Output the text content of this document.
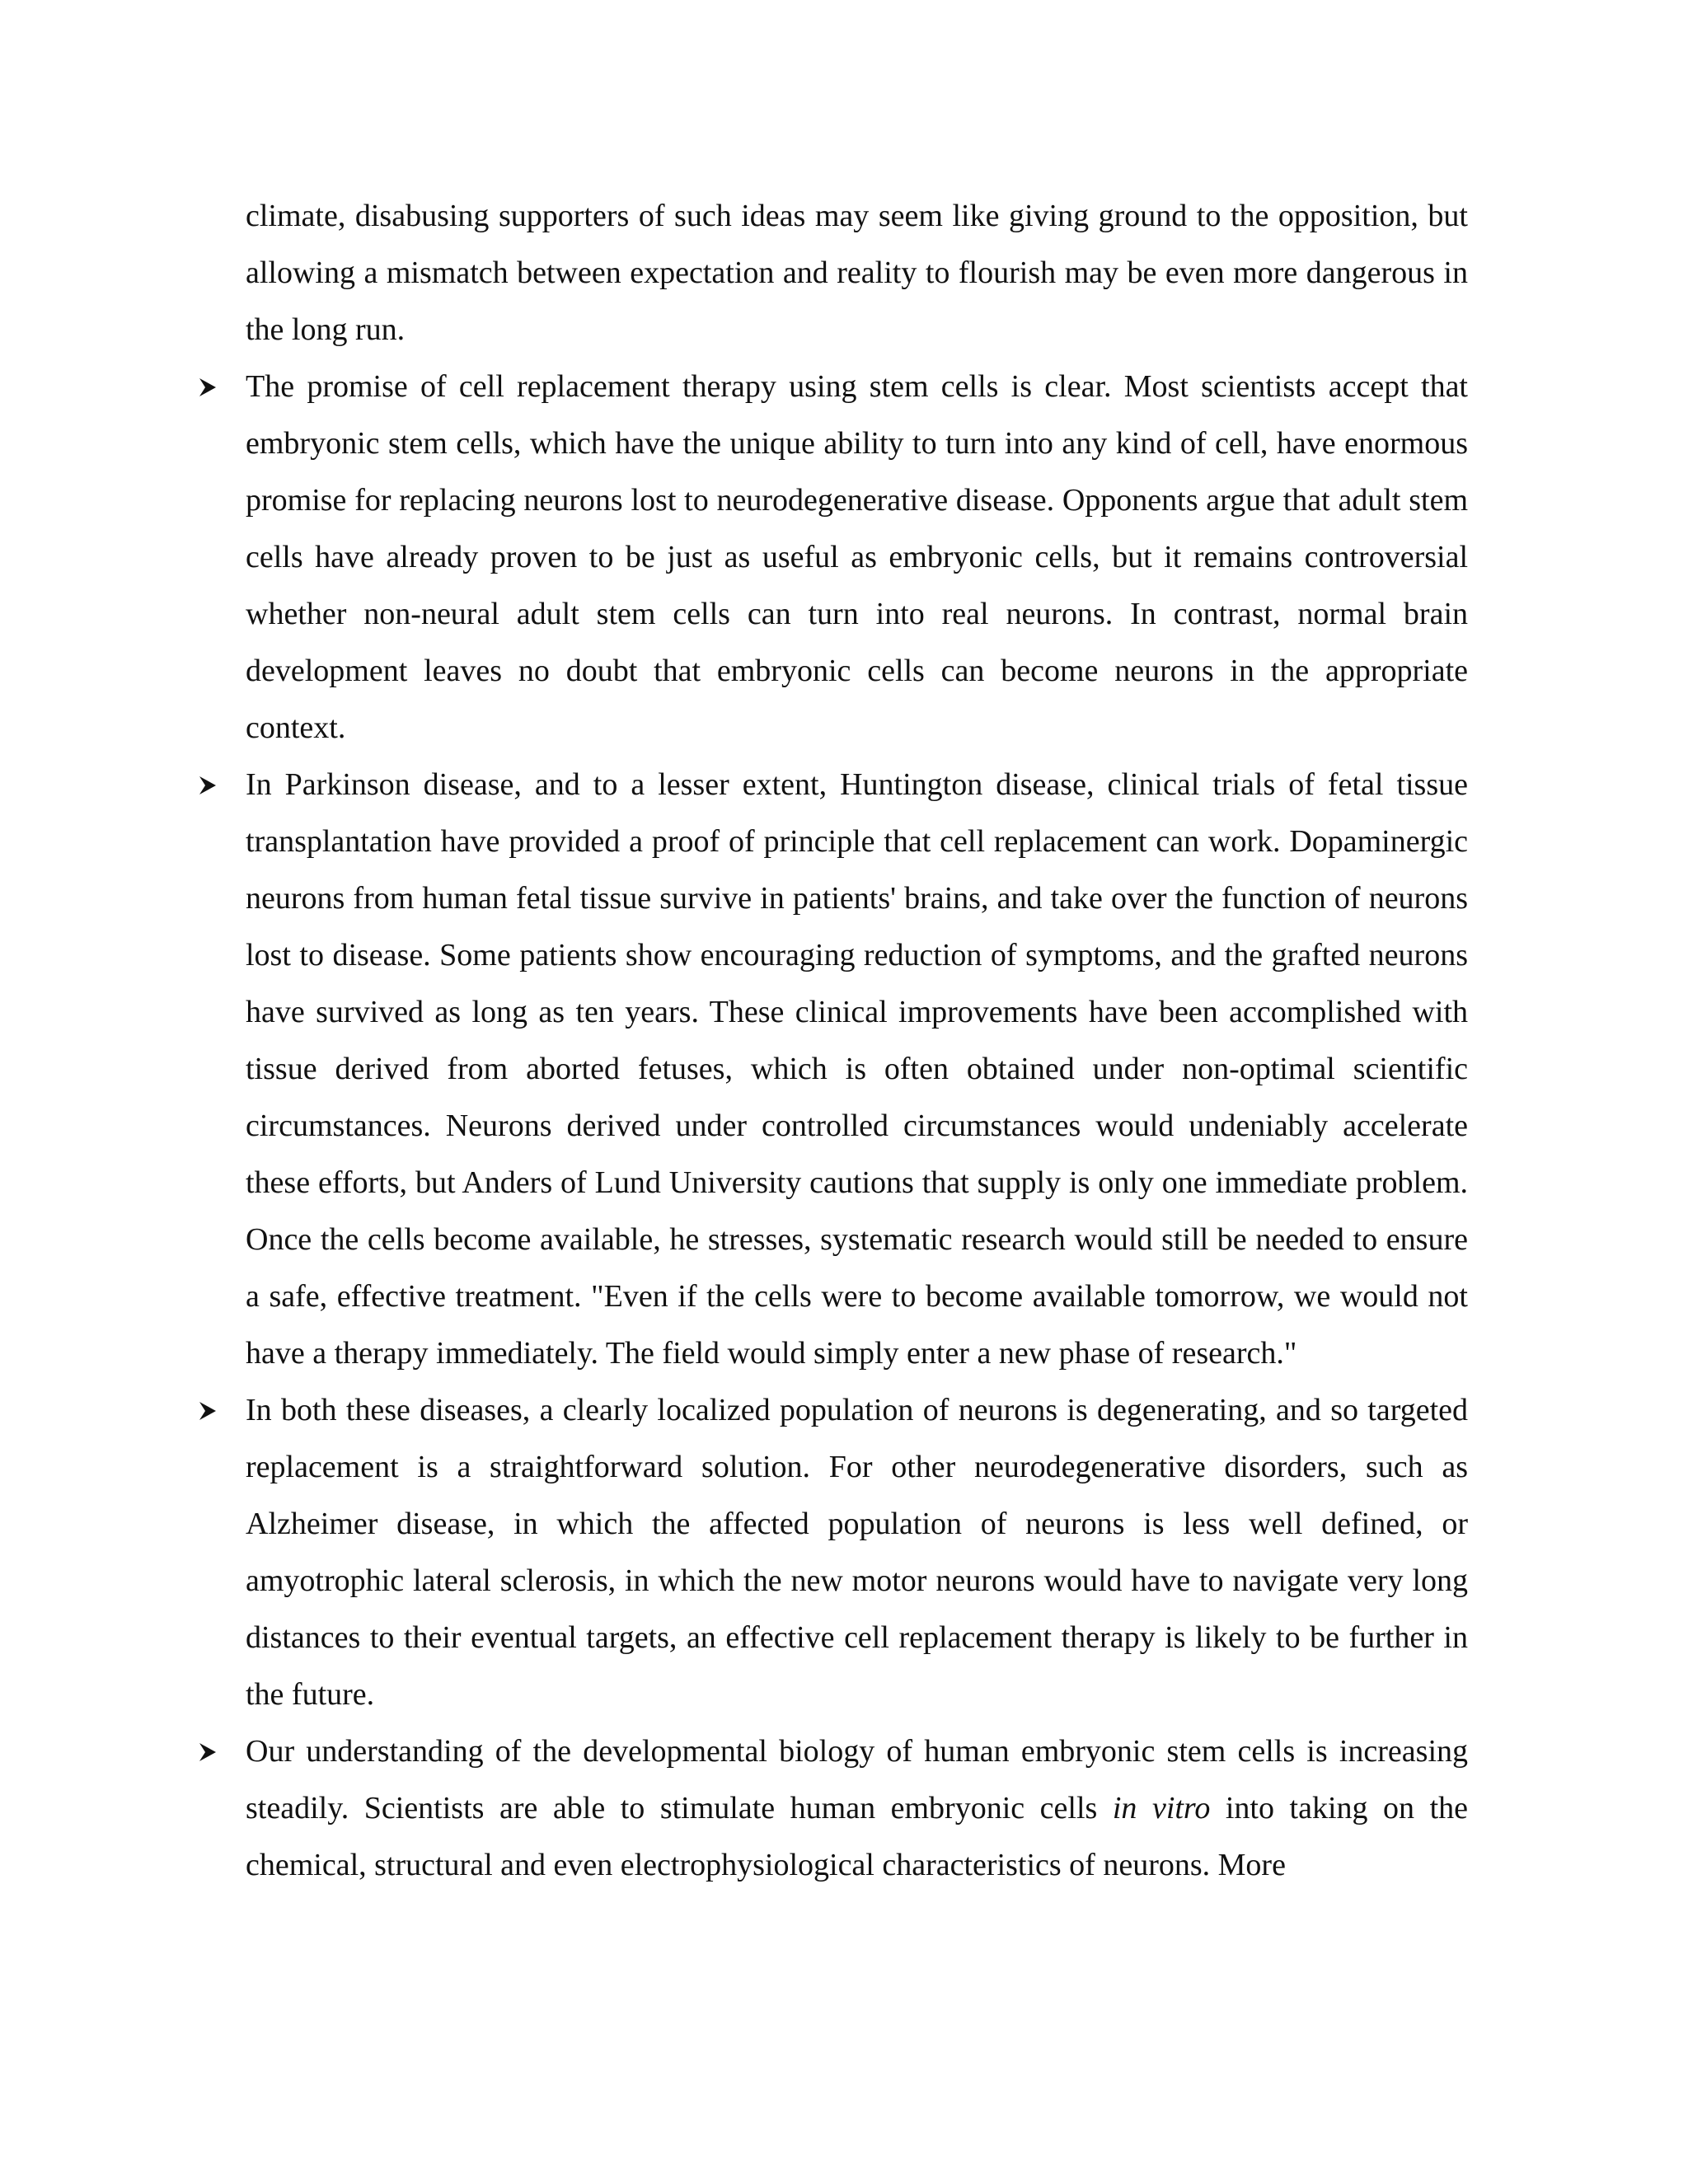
climate, disabusing supporters of such ideas may seem like giving ground to the opposition, but allowing a mismatch between expectation and reality to flourish may be even more dangerous in the long run.

The promise of cell replacement therapy using stem cells is clear. Most scientists accept that embryonic stem cells, which have the unique ability to turn into any kind of cell, have enormous promise for replacing neurons lost to neurodegenerative disease. Opponents argue that adult stem cells have already proven to be just as useful as embryonic cells, but it remains controversial whether non-neural adult stem cells can turn into real neurons. In contrast, normal brain development leaves no doubt that embryonic cells can become neurons in the appropriate context.

In Parkinson disease, and to a lesser extent, Huntington disease, clinical trials of fetal tissue transplantation have provided a proof of principle that cell replacement can work. Dopaminergic neurons from human fetal tissue survive in patients' brains, and take over the function of neurons lost to disease. Some patients show encouraging reduction of symptoms, and the grafted neurons have survived as long as ten years. These clinical improvements have been accomplished with tissue derived from aborted fetuses, which is often obtained under non-optimal scientific circumstances. Neurons derived under controlled circumstances would undeniably accelerate these efforts, but Anders of Lund University cautions that supply is only one immediate problem. Once the cells become available, he stresses, systematic research would still be needed to ensure a safe, effective treatment. "Even if the cells were to become available tomorrow, we would not have a therapy immediately. The field would simply enter a new phase of research."

In both these diseases, a clearly localized population of neurons is degenerating, and so targeted replacement is a straightforward solution. For other neurodegenerative disorders, such as Alzheimer disease, in which the affected population of neurons is less well defined, or amyotrophic lateral sclerosis, in which the new motor neurons would have to navigate very long distances to their eventual targets, an effective cell replacement therapy is likely to be further in the future.

Our understanding of the developmental biology of human embryonic stem cells is increasing steadily. Scientists are able to stimulate human embryonic cells in vitro into taking on the chemical, structural and even electrophysiological characteristics of neurons. More
